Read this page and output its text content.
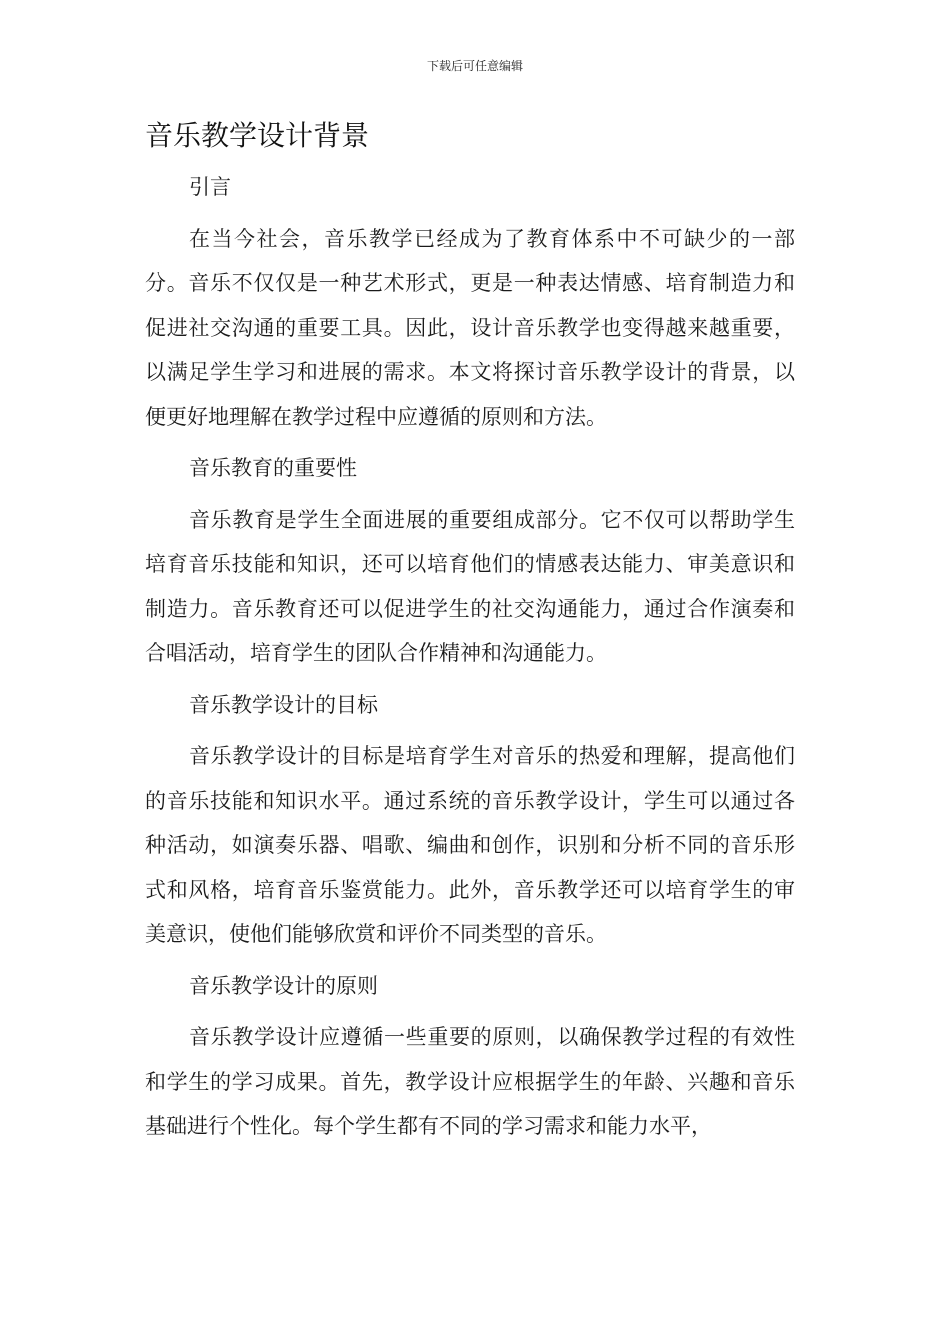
下载后可任意编辑
音乐教学设计背景

引言

在当今社会，音乐教学已经成为了教育体系中不可缺少的一部分。音乐不仅仅是一种艺术形式，更是一种表达情感、培育制造力和促进社交沟通的重要工具。因此，设计音乐教学也变得越来越重要，以满足学生学习和进展的需求。本文将探讨音乐教学设计的背景，以便更好地理解在教学过程中应遵循的原则和方法。

音乐教育的重要性

音乐教育是学生全面进展的重要组成部分。它不仅可以帮助学生培育音乐技能和知识，还可以培育他们的情感表达能力、审美意识和制造力。音乐教育还可以促进学生的社交沟通能力，通过合作演奏和合唱活动，培育学生的团队合作精神和沟通能力。

音乐教学设计的目标

音乐教学设计的目标是培育学生对音乐的热爱和理解，提高他们的音乐技能和知识水平。通过系统的音乐教学设计，学生可以通过各种活动，如演奏乐器、唱歌、编曲和创作，识别和分析不同的音乐形式和风格，培育音乐鉴赏能力。此外，音乐教学还可以培育学生的审美意识，使他们能够欣赏和评价不同类型的音乐。

音乐教学设计的原则

音乐教学设计应遵循一些重要的原则，以确保教学过程的有效性和学生的学习成果。首先，教学设计应根据学生的年龄、兴趣和音乐基础进行个性化。每个学生都有不同的学习需求和能力水平，
